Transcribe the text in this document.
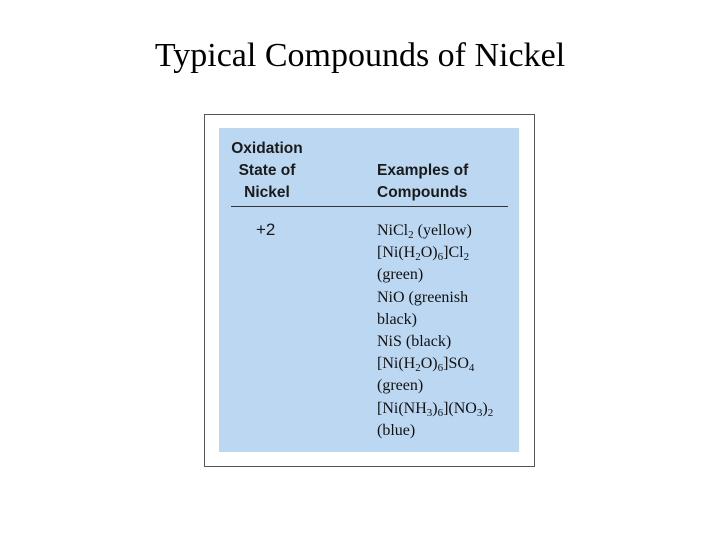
Typical Compounds of Nickel
Oxidation
State of
Nickel
Examples of
Compounds
+2	NiCl$_2$ (yellow)
$[Ni(H_2O)_6]Cl_2$
(green)
NiO (greenish
black)
NiS (black)
$[Ni(H_2O)_6]SO_4$
(green)
$[Ni(NH_3)_6](NO_3)_2$
(blue)
